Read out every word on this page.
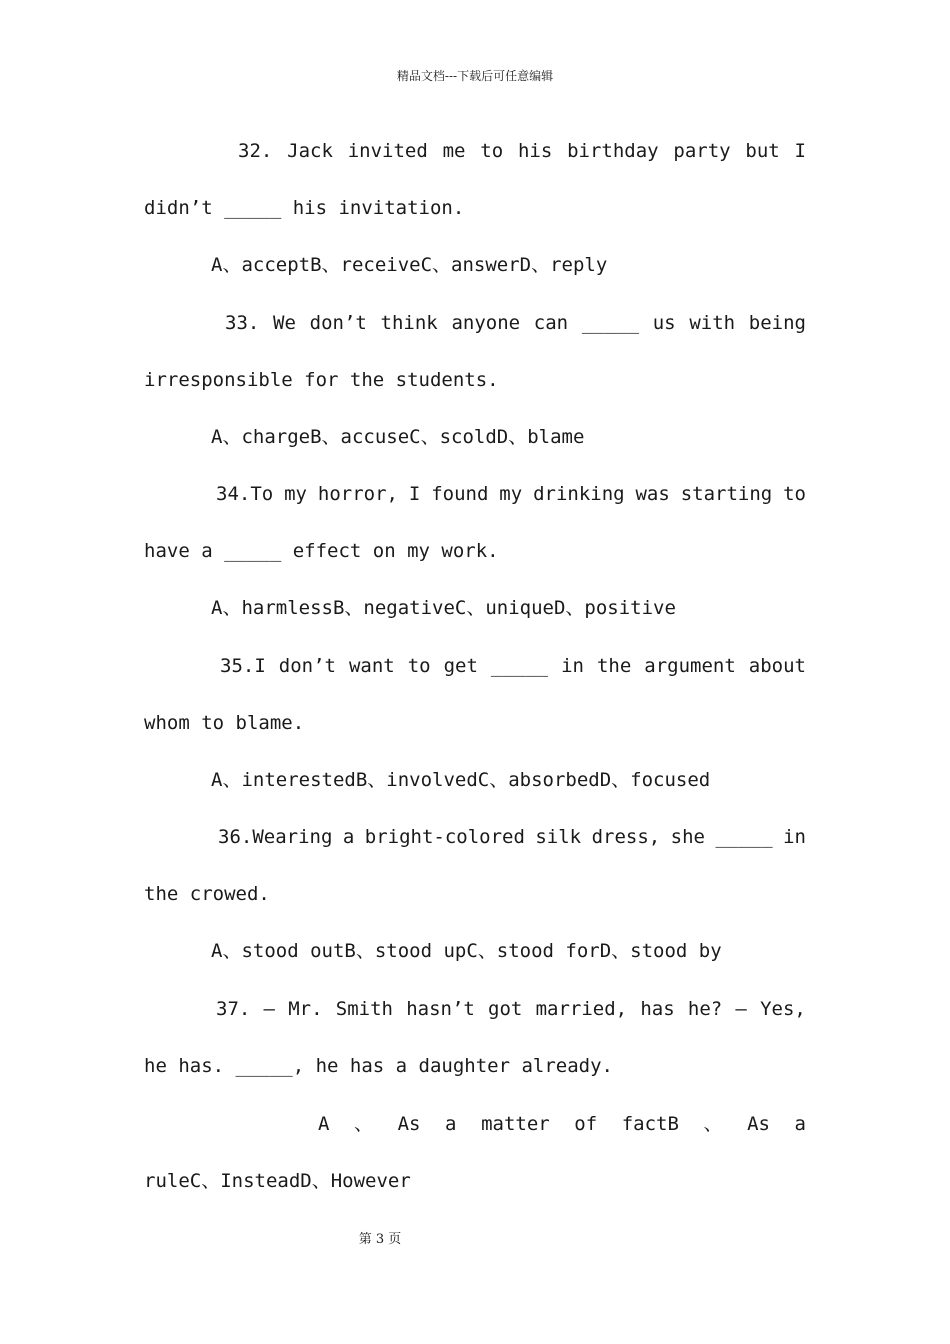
精品文档---下载后可任意编辑
32. Jack invited me to his birthday party but I
didn’t _____ his invitation.
A、acceptB、receiveC、answerD、reply
33. We don’t think anyone can _____ us with being
irresponsible for the students.
A、chargeB、accuseC、scoldD、blame
34.To my horror, I found my drinking was starting to
have a _____ effect on my work.
A、harmlessB、negativeC、uniqueD、positive
35.I don’t want to get _____ in the argument about
whom to blame.
A、interestedB、involvedC、absorbedD、focused
36.Wearing a bright-colored silk dress, she _____ in
the crowed.
A、stood outB、stood upC、stood forD、stood by
37. – Mr. Smith hasn’t got married, has he? – Yes,
he has. _____, he has a daughter already.
A 、 As a matter of factB 、 As a
ruleC、InsteadD、However
第 3 页
